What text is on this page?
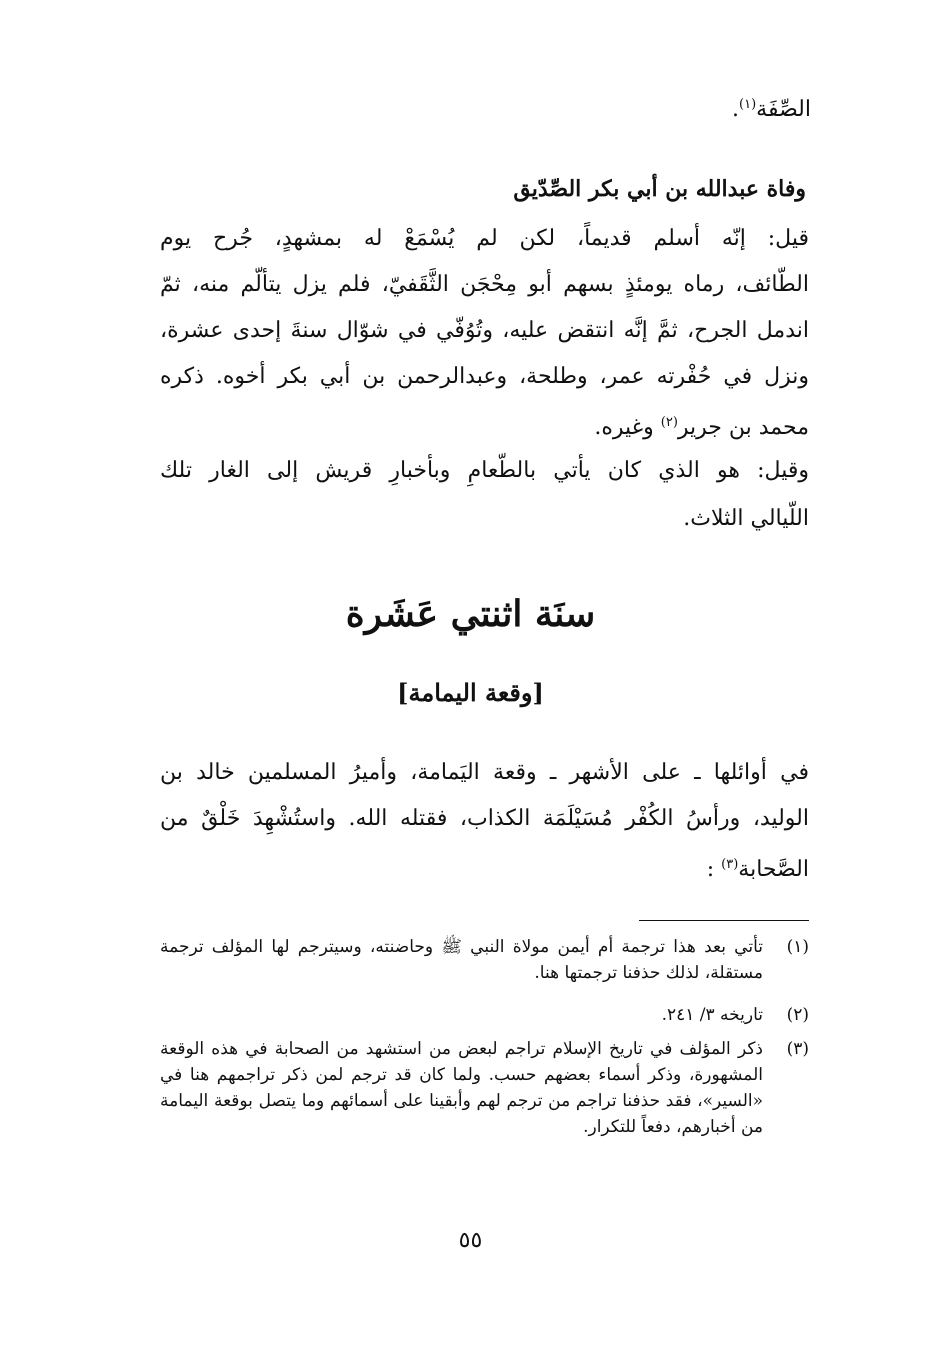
الصِّفَة$^{(١)}$.
وفاة عبدالله بن أبي بكر الصِّدّيق
قيل: إنّه أسلم قديماً، لكن لم يُسْمَعْ له بمشهدٍ، جُرح يوم
الطّائف، رماه يومئذٍ بسهم أبو مِحْجَن الثَّقَفيّ، فلم يزل يتألّم منه، ثمّ
اندمل الجرح، ثمَّ إنَّه انتقض عليه، وتُوُفّي في شوّال سنةَ إحدى عشرة،
ونزل في حُفْرته عمر، وطلحة، وعبدالرحمن بن أبي بكر أخوه. ذكره
محمد بن جرير$^{(٢)}$ وغيره.
وقيل: هو الذي كان يأتي بالطّعامِ وبأخبارِ قريش إلى الغار تلك
اللّيالي الثلاث.
سنَة اثنتي عَشَرة
[وقعة اليمامة]
في أوائلها ـ على الأشهر ـ وقعة اليَمامة، وأميرُ المسلمين خالد بن
الوليد، ورأسُ الكُفْر مُسَيْلَمَة الكذاب، فقتله الله. واستُشْهِدَ خَلْقٌ من
الصَّحابة$^{(٣)}$ :
(١)
تأتي بعد هذا ترجمة أم أيمن مولاة النبي ﷺ وحاضنته، وسيترجم لها المؤلف ترجمة مستقلة، لذلك حذفنا ترجمتها هنا.
(٢)
تاريخه ٣/ ٢٤١.
(٣)
ذكر المؤلف في تاريخ الإسلام تراجم لبعض من استشهد من الصحابة في هذه الوقعة المشهورة، وذكر أسماء بعضهم حسب. ولما كان قد ترجم لمن ذكر تراجمهم هنا في «السير»، فقد حذفنا تراجم من ترجم لهم وأبقينا على أسمائهم وما يتصل بوقعة اليمامة من أخبارهم، دفعاً للتكرار.
٥٥
